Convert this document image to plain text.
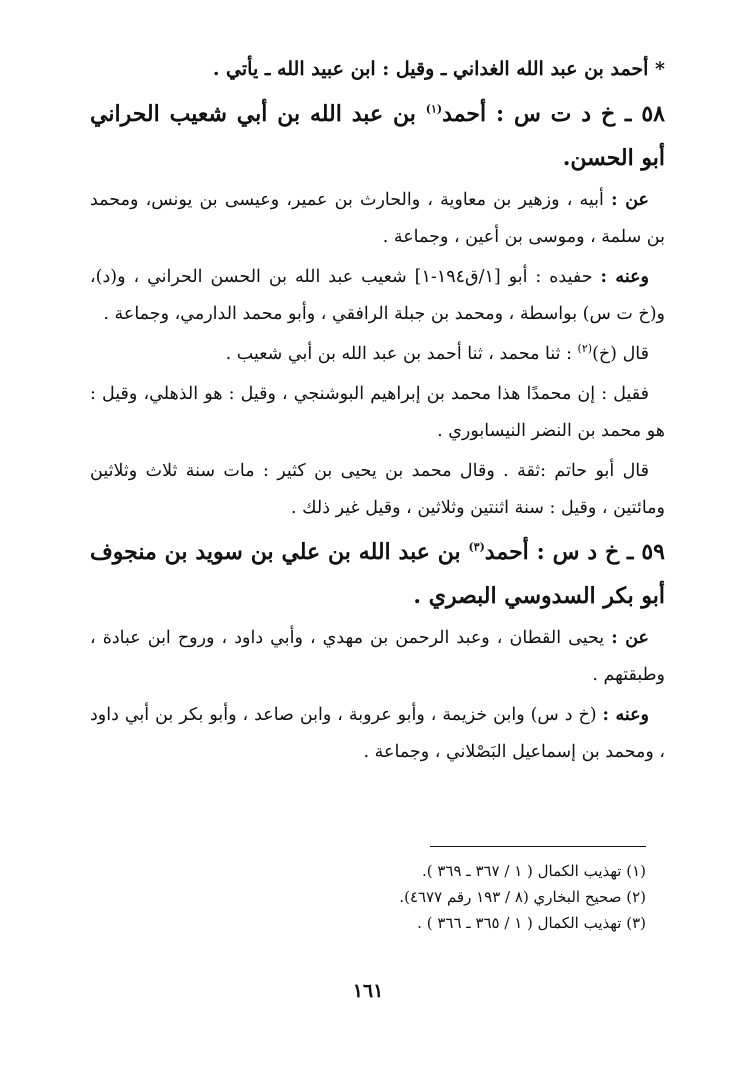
* أحمد بن عبد الله الغداني ـ وقيل : ابن عبيد الله ـ يأتي .

٥٨ ـ خ د ت س : أحمد$^{(١)}$ بن عبد الله بن أبي شعيب الحراني أبو الحسن.

عن : أبيه ، وزهير بن معاوية ، والحارث بن عمير، وعيسى بن يونس، ومحمد بن سلمة ، وموسى بن أعين ، وجماعة .

وعنه : حفيده : أبو [١/ق١٩٤-١] شعيب عبد الله بن الحسن الحراني ، و(د)، و(خ ت س) بواسطة ، ومحمد بن جبلة الرافقي ، وأبو محمد الدارمي، وجماعة .

قال (خ)$^{(٢)}$ : ثنا محمد ، ثنا أحمد بن عبد الله بن أبي شعيب .

فقيل : إن محمدًا هذا محمد بن إبراهيم البوشنجي ، وقيل : هو الذهلي، وقيل : هو محمد بن النضر النيسابوري .

قال أبو حاتم :ثقة . وقال محمد بن يحيى بن كثير : مات سنة ثلاث وثلاثين ومائتين ، وقيل : سنة اثنتين وثلاثين ، وقيل غير ذلك .

٥٩ ـ خ د س : أحمد$^{(٣)}$ بن عبد الله بن علي بن سويد بن منجوف أبو بكر السدوسي البصري .

عن : يحيى القطان ، وعبد الرحمن بن مهدي ، وأبي داود ، وروح ابن عبادة ، وطبقتهم .

وعنه : (خ د س) وابن خزيمة ، وأبو عروبة ، وابن صاعد ، وأبو بكر بن أبي داود ، ومحمد بن إسماعيل البَصْلاني ، وجماعة .

(١) تهذيب الكمال ( ١ / ٣٦٧ ـ ٣٦٩ ).

(٢) صحيح البخاري (٨ / ١٩٣ رقم ٤٦٧٧).

(٣) تهذيب الكمال ( ١ / ٣٦٥ ـ ٣٦٦ ) .

١٦١
